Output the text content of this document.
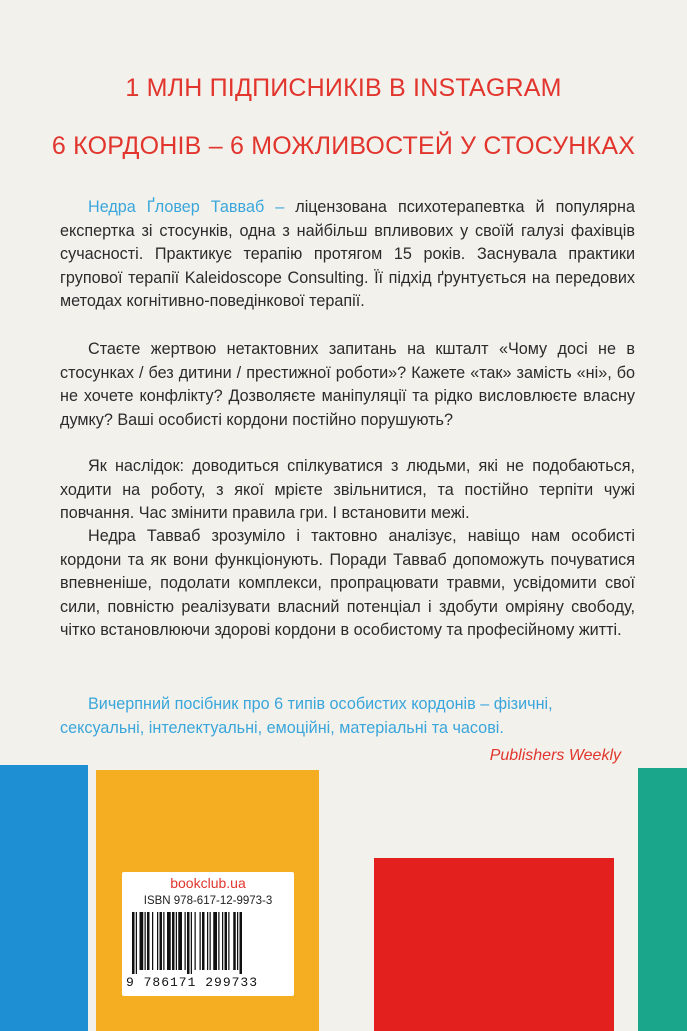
1 МЛН ПІДПИСНИКІВ В INSTAGRAM
6 КОРДОНІВ – 6 МОЖЛИВОСТЕЙ У СТОСУНКАХ
Недра Ґловер Тавваб – ліцензована психотерапевтка й популярна експертка зі стосунків, одна з найбільш впливових у своїй галузі фахівців сучасності. Практикує терапію протягом 15 років. Заснувала практики групової терапії Kaleidoscope Consulting. Її підхід ґрунтується на передових методах когнітивно-поведінкової терапії.
Стаєте жертвою нетактовних запитань на кшталт «Чому досі не в стосунках / без дитини / престижної роботи»? Кажете «так» замість «ні», бо не хочете конфлікту? Дозволяєте маніпуляції та рідко висловлюєте власну думку? Ваші особисті кордони постійно порушують?
Як наслідок: доводиться спілкуватися з людьми, які не подобаються, ходити на роботу, з якої мрієте звільнитися, та постійно терпіти чужі повчання. Час змінити правила гри. І встановити межі.
Недра Тавваб зрозуміло і тактовно аналізує, навіщо нам особисті кордони та як вони функціонують. Поради Тавваб допоможуть почуватися впевненіше, подолати комплекси, пропрацювати травми, усвідомити свої сили, повністю реалізувати власний потенціал і здобути омріяну свободу, чітко встановлюючи здорові кордони в особистому та професійному житті.
Вичерпний посібник про 6 типів особистих кордонів – фізичні, сексуальні, інтелектуальні, емоційні, матеріальні та часові.
Publishers Weekly
bookclub.ua
ISBN 978-617-12-9973-3
9 786171 299733
